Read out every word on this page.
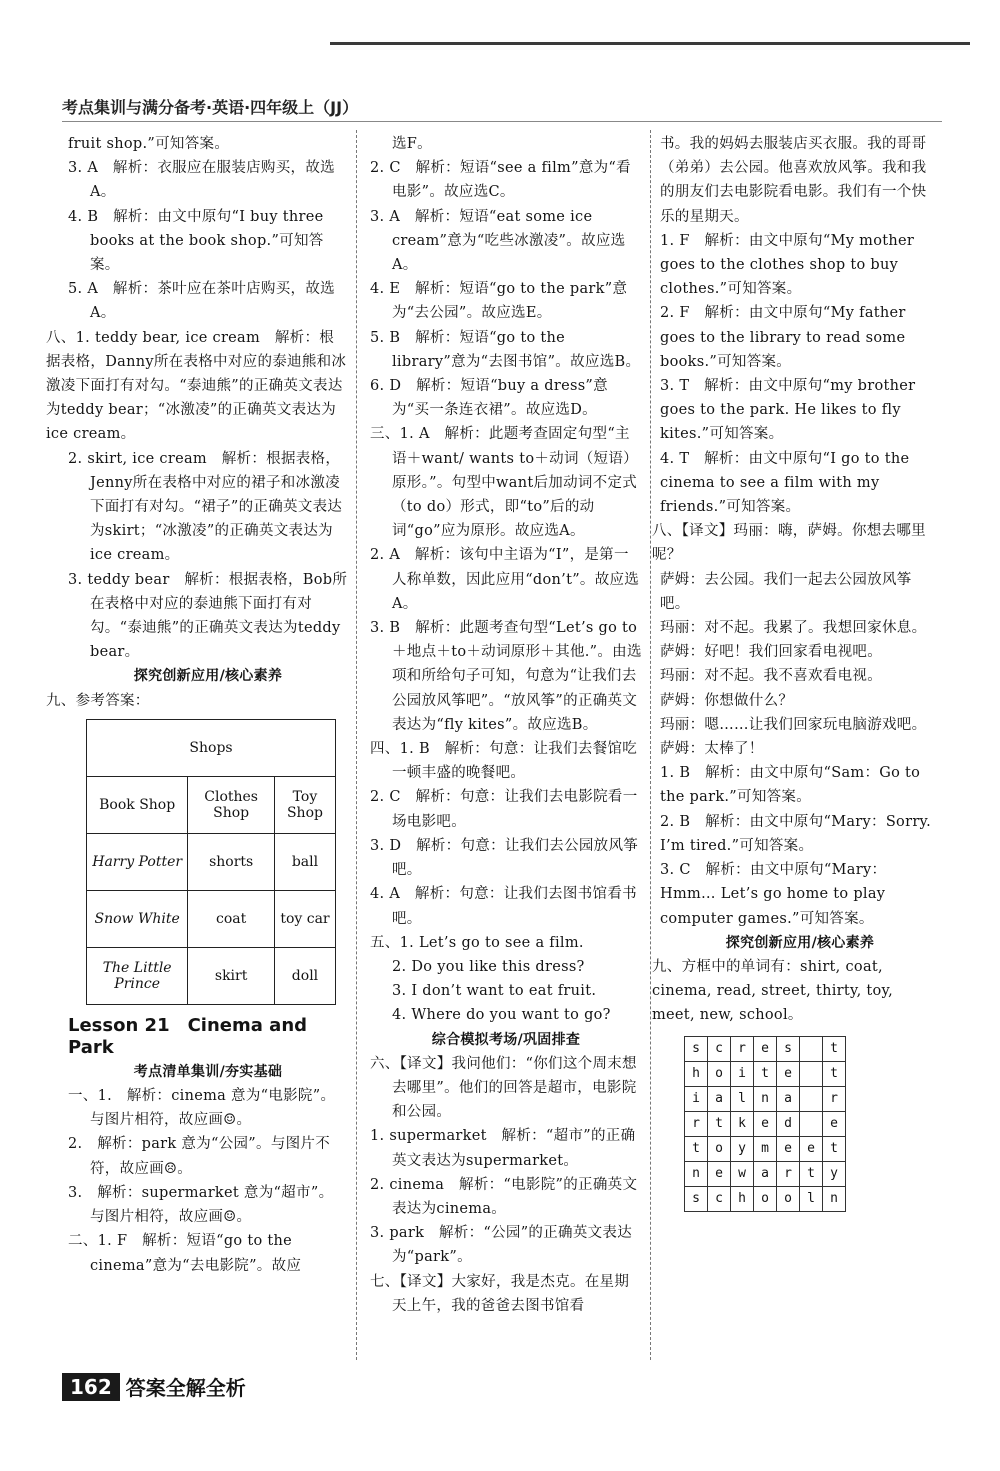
考点集训与满分备考·英语·四年级上（JJ）

fruit shop.”可知答案。

3. A　解析：衣服应在服装店购买，故选A。

4. B　解析：由文中原句“I buy three books at the book shop.”可知答案。

5. A　解析：茶叶应在茶叶店购买，故选A。

八、1. teddy bear, ice cream　解析：根据表格，Danny所在表格中对应的泰迪熊和冰激凌下面打有对勾。“泰迪熊”的正确英文表达为teddy bear；“冰激凌”的正确英文表达为ice cream。

2. skirt, ice cream　解析：根据表格，Jenny所在表格中对应的裙子和冰激凌下面打有对勾。“裙子”的正确英文表达为skirt；“冰激凌”的正确英文表达为ice cream。

3. teddy bear　解析：根据表格，Bob所在表格中对应的泰迪熊下面打有对勾。“泰迪熊”的正确英文表达为teddy bear。

探究创新应用/核心素养

九、参考答案：

Shops		
Book Shop	Clothes Shop	Toy Shop
Harry Potter	shorts	ball
Snow White	coat	toy car
The Little Prince	skirt	doll

Lesson 21　Cinema and Park

考点清单集训/夯实基础

一、1.　解析：cinema 意为“电影院”。与图片相符，故应画☺。

2.　解析：park 意为“公园”。与图片不符，故应画☹。

3.　解析：supermarket 意为“超市”。与图片相符，故应画☺。

二、1. F　解析：短语“go to the cinema”意为“去电影院”。故应

选F。

2. C　解析：短语“see a film”意为“看电影”。故应选C。

3. A　解析：短语“eat some ice cream”意为“吃些冰激凌”。故应选A。

4. E　解析：短语“go to the park”意为“去公园”。故应选E。

5. B　解析：短语“go to the library”意为“去图书馆”。故应选B。

6. D　解析：短语“buy a dress”意为“买一条连衣裙”。故应选D。

三、1. A　解析：此题考查固定句型“主语＋want/ wants to＋动词（短语）原形。”。句型中want后加动词不定式（to do）形式，即“to”后的动词“go”应为原形。故应选A。

2. A　解析：该句中主语为“I”，是第一人称单数，因此应用“don’t”。故应选A。

3. B　解析：此题考查句型“Let’s go to＋地点＋to＋动词原形＋其他.”。由选项和所给句子可知，句意为“让我们去公园放风筝吧”。“放风筝”的正确英文表达为“fly kites”。故应选B。

四、1. B　解析：句意：让我们去餐馆吃一顿丰盛的晚餐吧。

2. C　解析：句意：让我们去电影院看一场电影吧。

3. D　解析：句意：让我们去公园放风筝吧。

4. A　解析：句意：让我们去图书馆看书吧。

五、1. Let’s go to see a film.

2. Do you like this dress?

3. I don’t want to eat fruit.

4. Where do you want to go?

综合模拟考场/巩固排查

六、【译文】我问他们：“你们这个周末想去哪里”。他们的回答是超市，电影院和公园。

1. supermarket　解析：“超市”的正确英文表达为supermarket。

2. cinema　解析：“电影院”的正确英文表达为cinema。

3. park　解析：“公园”的正确英文表达为“park”。

七、【译文】大家好，我是杰克。在星期天上午，我的爸爸去图书馆看

书。我的妈妈去服装店买衣服。我的哥哥（弟弟）去公园。他喜欢放风筝。我和我的朋友们去电影院看电影。我们有一个快乐的星期天。

1. F　解析：由文中原句“My mother goes to the clothes shop to buy clothes.”可知答案。

2. F　解析：由文中原句“My father goes to the library to read some books.”可知答案。

3. T　解析：由文中原句“my brother goes to the park. He likes to fly kites.”可知答案。

4. T　解析：由文中原句“I go to the cinema to see a film with my friends.”可知答案。

八、【译文】玛丽：嗨，萨姆。你想去哪里呢？

萨姆：去公园。我们一起去公园放风筝吧。

玛丽：对不起。我累了。我想回家休息。

萨姆：好吧！我们回家看电视吧。

玛丽：对不起。我不喜欢看电视。

萨姆：你想做什么？

玛丽：嗯……让我们回家玩电脑游戏吧。

萨姆：太棒了！

1. B　解析：由文中原句“Sam：Go to the park.”可知答案。

2. B　解析：由文中原句“Mary：Sorry. I’m tired.”可知答案。

3. C　解析：由文中原句“Mary：Hmm… Let’s go home to play computer games.”可知答案。

探究创新应用/核心素养

九、方框中的单词有：shirt, coat, cinema, read, street, thirty, toy, meet, new, school。

s	c	r	e	s		t
h	o	i	t	e		t
i	a	l	n	a		r
r	t	k	e	d		e
t	o	y	m	e	e	t
n	e	w	a	r	t	y
s	c	h	o	o	l	n
162 答案全解全析
